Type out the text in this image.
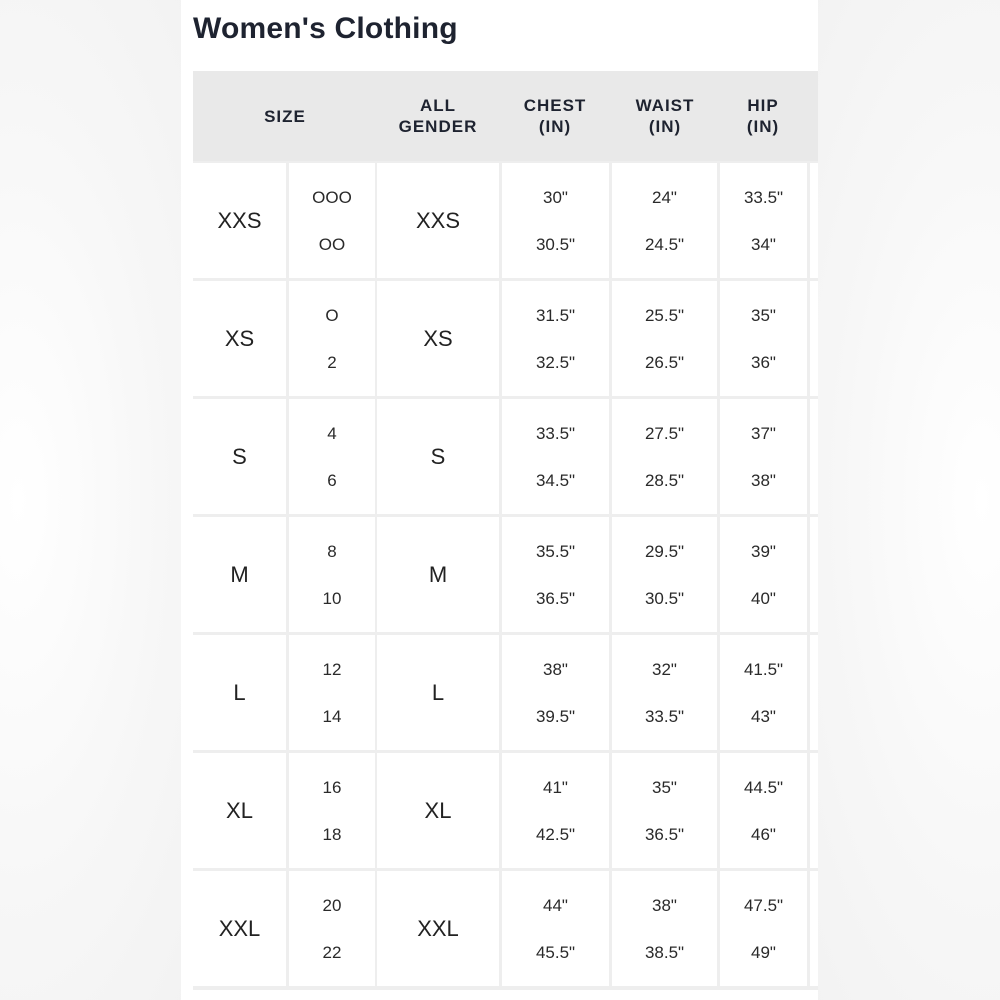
Women's Clothing
SIZE
ALL
GENDER
CHEST
(IN)
WAIST
(IN)
HIP
(IN)
XXS
OOO
OO
XXS
30"
30.5"
24"
24.5"
33.5"
34"
XS
O
2
XS
31.5"
32.5"
25.5"
26.5"
35"
36"
S
4
6
S
33.5"
34.5"
27.5"
28.5"
37"
38"
M
8
10
M
35.5"
36.5"
29.5"
30.5"
39"
40"
L
12
14
L
38"
39.5"
32"
33.5"
41.5"
43"
XL
16
18
XL
41"
42.5"
35"
36.5"
44.5"
46"
XXL
20
22
XXL
44"
45.5"
38"
38.5"
47.5"
49"
